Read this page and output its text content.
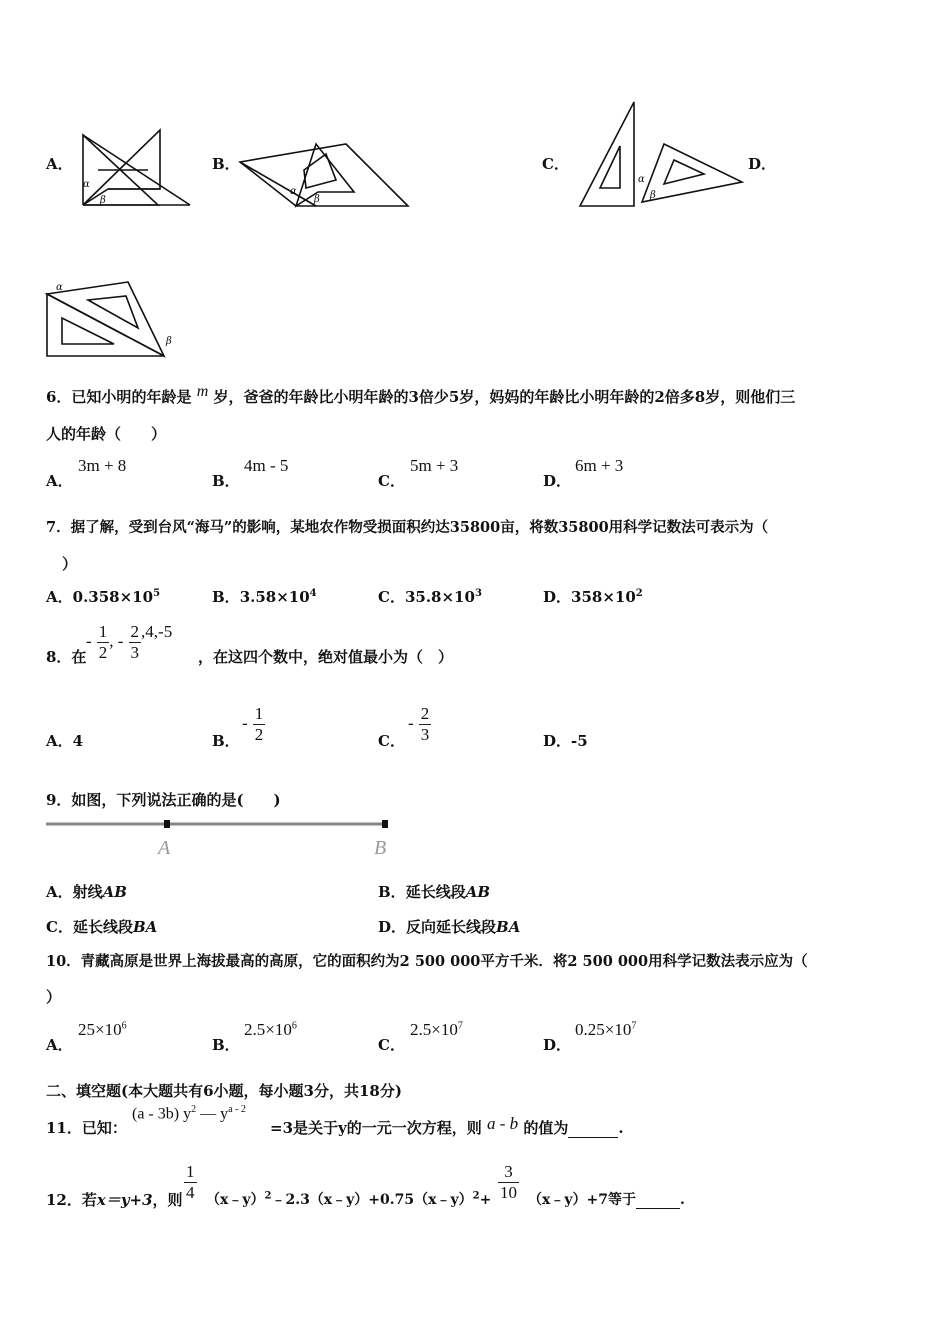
A．
α
β
B．
α
β
C．
α
β
D．
α
β
6．已知小明的年龄是 m 岁，爸爸的年龄比小明年龄的3倍少5岁，妈妈的年龄比小明年龄的2倍多8岁，则他们三
人的年龄（　　）
A．
3m + 8
B．
4m - 5
C．
5m + 3
D．
6m + 3
7．据了解，受到台风“海马”的影响，某地农作物受损面积约达35800亩，将数35800用科学记数法可表示为（
）
A．$0.358\times 10^5$	B．$3.58\times 10^4$	C．$35.8\times 10^3$	D．$358\times 10^2$
8．在
- $\frac{1}{2}$ , - $\frac{2}{3} ,4,-5$
，在这四个数中，绝对值最小为（　）
A．4	B．
- $\frac{1}{2}$	C．
- $\frac{2}{3}$	D．-5
9．如图，下列说法正确的是(　　)
A	B
A．射线AB	B．延长线段AB
C．延长线段BA	D．反向延长线段BA
10．青藏高原是世界上海拔最高的高原，它的面积约为2 500 000平方千米．将2 500 000用科学记数法表示应为（
）
A．
$25\times 10^6$
B．
$2.5\times 10^6$
C．
$2.5\times 10^7$
D．
$0.25\times 10^7$
二、填空题(本大题共有6小题，每小题3分，共18分)
11．已知：
(a - 3b) $y^2$ — $y^{a - 2}$
=3是关于y的一元一次方程，则 a - b 的值为	.
12．若x＝y+3，则 $\frac{1}{4}$ （x﹣y）$^2$﹣2.3（x﹣y）+0.75（x﹣y）$^2$+ $\frac{3}{10}$ （x﹣y）+7等于	.
